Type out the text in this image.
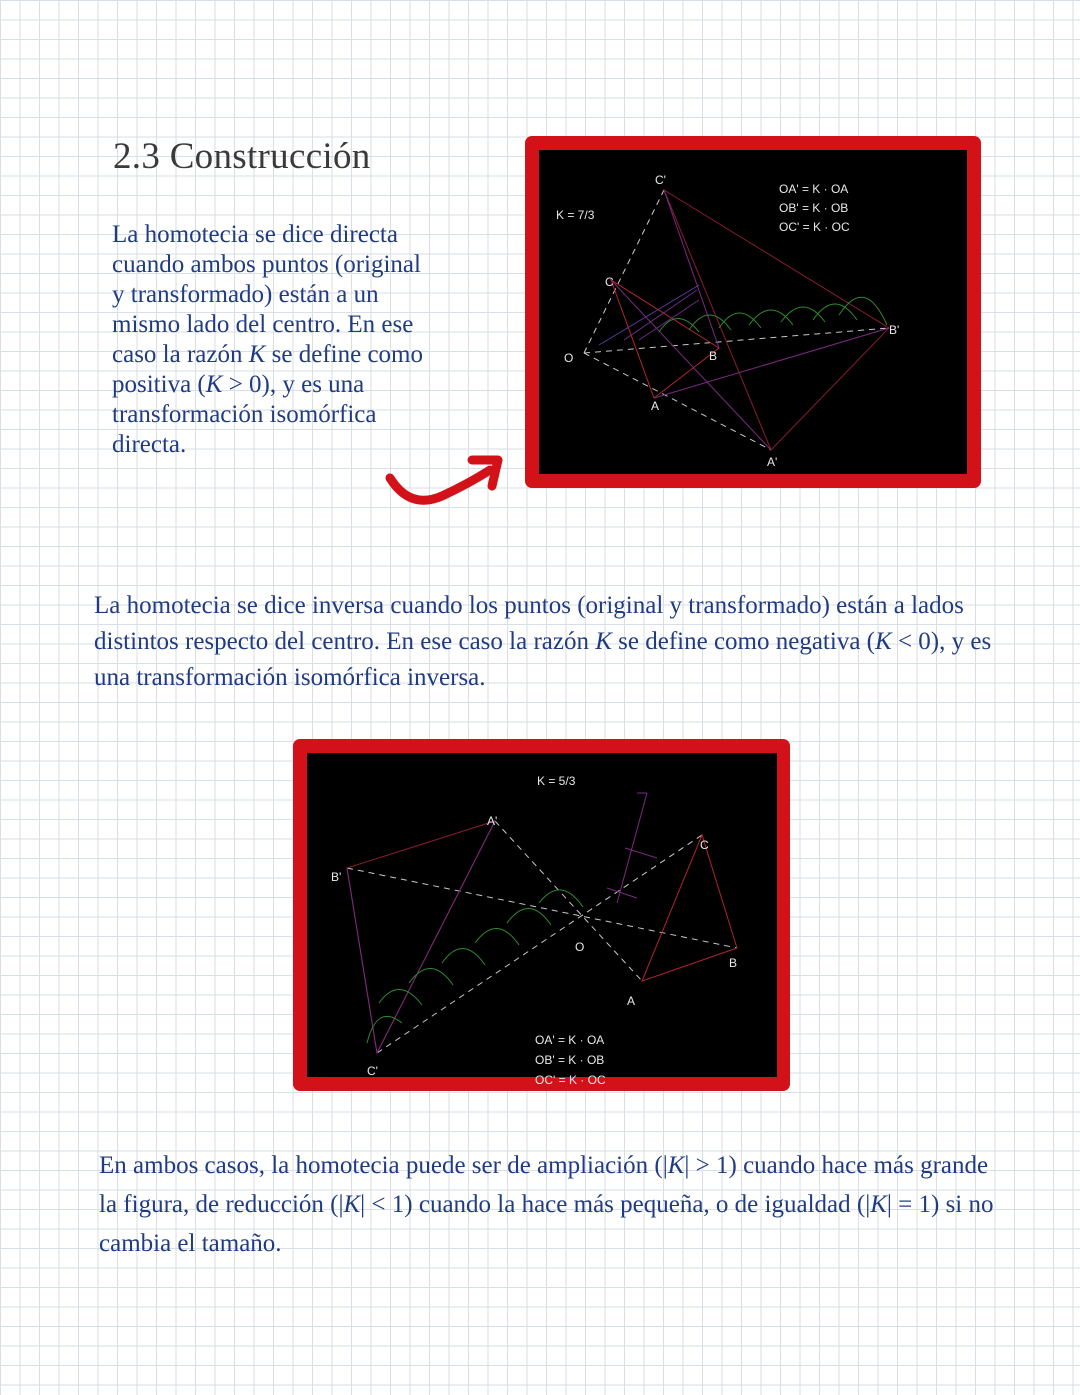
2.3 Construcción
La homotecia se dice directa cuando ambos puntos (original y transformado) están a un mismo lado del centro. En ese caso la razón K se define como positiva (K > 0), y es una transformación isomórfica directa.
K = 7/3
O
A
B
C
A'
B'
C'
OA' = K · OA
OB' = K · OB
OC' = K · OC
La homotecia se dice inversa cuando los puntos (original y transformado) están a lados distintos respecto del centro. En ese caso la razón K se define como negativa (K < 0), y es una transformación isomórfica inversa.
K = 5/3
O
A
B
C
A'
B'
C'
OA' = K · OA
OB' = K · OB
OC' = K · OC
En ambos casos, la homotecia puede ser de ampliación (|K| > 1) cuando hace más grande la figura, de reducción (|K| < 1) cuando la hace más pequeña, o de igualdad (|K| = 1) si no cambia el tamaño.
